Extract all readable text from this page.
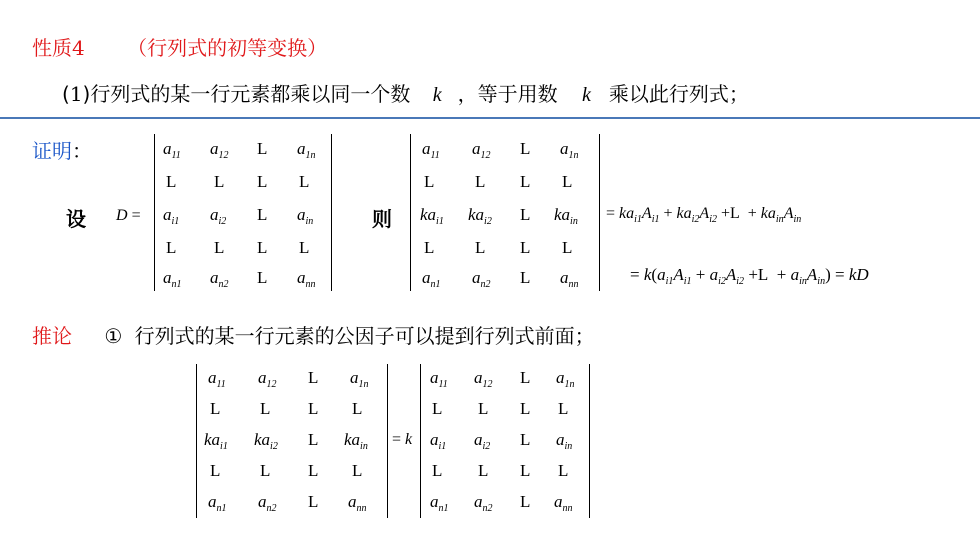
性质4 （行列式的初等变换）
(1)行列式的某一行元素都乘以同一个数 k ，等于用数 k 乘以此行列式；
证明：
设 D =
$a_{11}$ $a_{12}$ L $a_{1n}$
L L L L
$a_{i1}$ $a_{i2}$ L $a_{in}$
L L L L
$a_{n1}$ $a_{n2}$ L $a_{nn}$
则
$a_{11}$ $a_{12}$ L $a_{1n}$
L L L L
$ka_{i1}$ $ka_{i2}$ L $ka_{in}$
L L L L
$a_{n1}$ $a_{n2}$ L $a_{nn}$
= $ka_{i1}A_{i1} + ka_{i2}A_{i2} +L + ka_{in}A_{in}$
= $k(a_{i1}A_{i1} + a_{i2}A_{i2} +L + a_{in}A_{in})$ = kD
推论 ① 行列式的某一行元素的公因子可以提到行列式前面；
$a_{11}$ $a_{12}$ L $a_{1n}$
L L L L
$ka_{i1}$ $ka_{i2}$ L $ka_{in}$
L L L L
$a_{n1}$ $a_{n2}$ L $a_{nn}$
= k
$a_{11}$ $a_{12}$ L $a_{1n}$
L L L L
$a_{i1}$ $a_{i2}$ L $a_{in}$
L L L L
$a_{n1}$ $a_{n2}$ L $a_{nn}$
